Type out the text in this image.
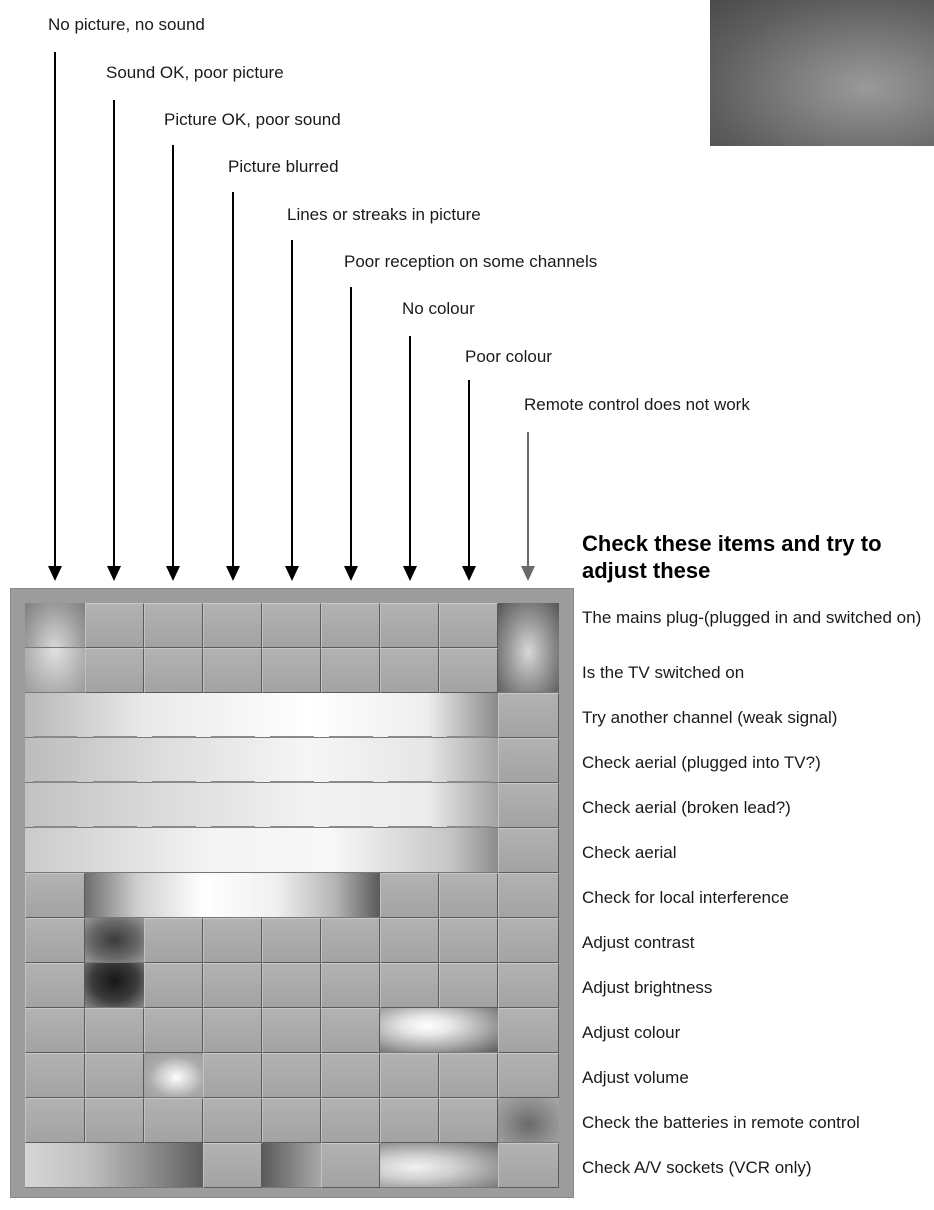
No picture, no sound
Sound OK, poor picture
Picture OK, poor sound
Picture blurred
Lines or streaks in picture
Poor reception on some channels
No colour
Poor colour
Remote control does not work
Check these items and try to adjust these
The mains plug-(plugged in and switched on)
Is the TV switched on
Try another channel (weak signal)
Check aerial (plugged into TV?)
Check aerial (broken lead?)
Check aerial
Check for local interference
Adjust contrast
Adjust brightness
Adjust colour
Adjust volume
Check the batteries in remote control
Check A/V sockets (VCR only)
